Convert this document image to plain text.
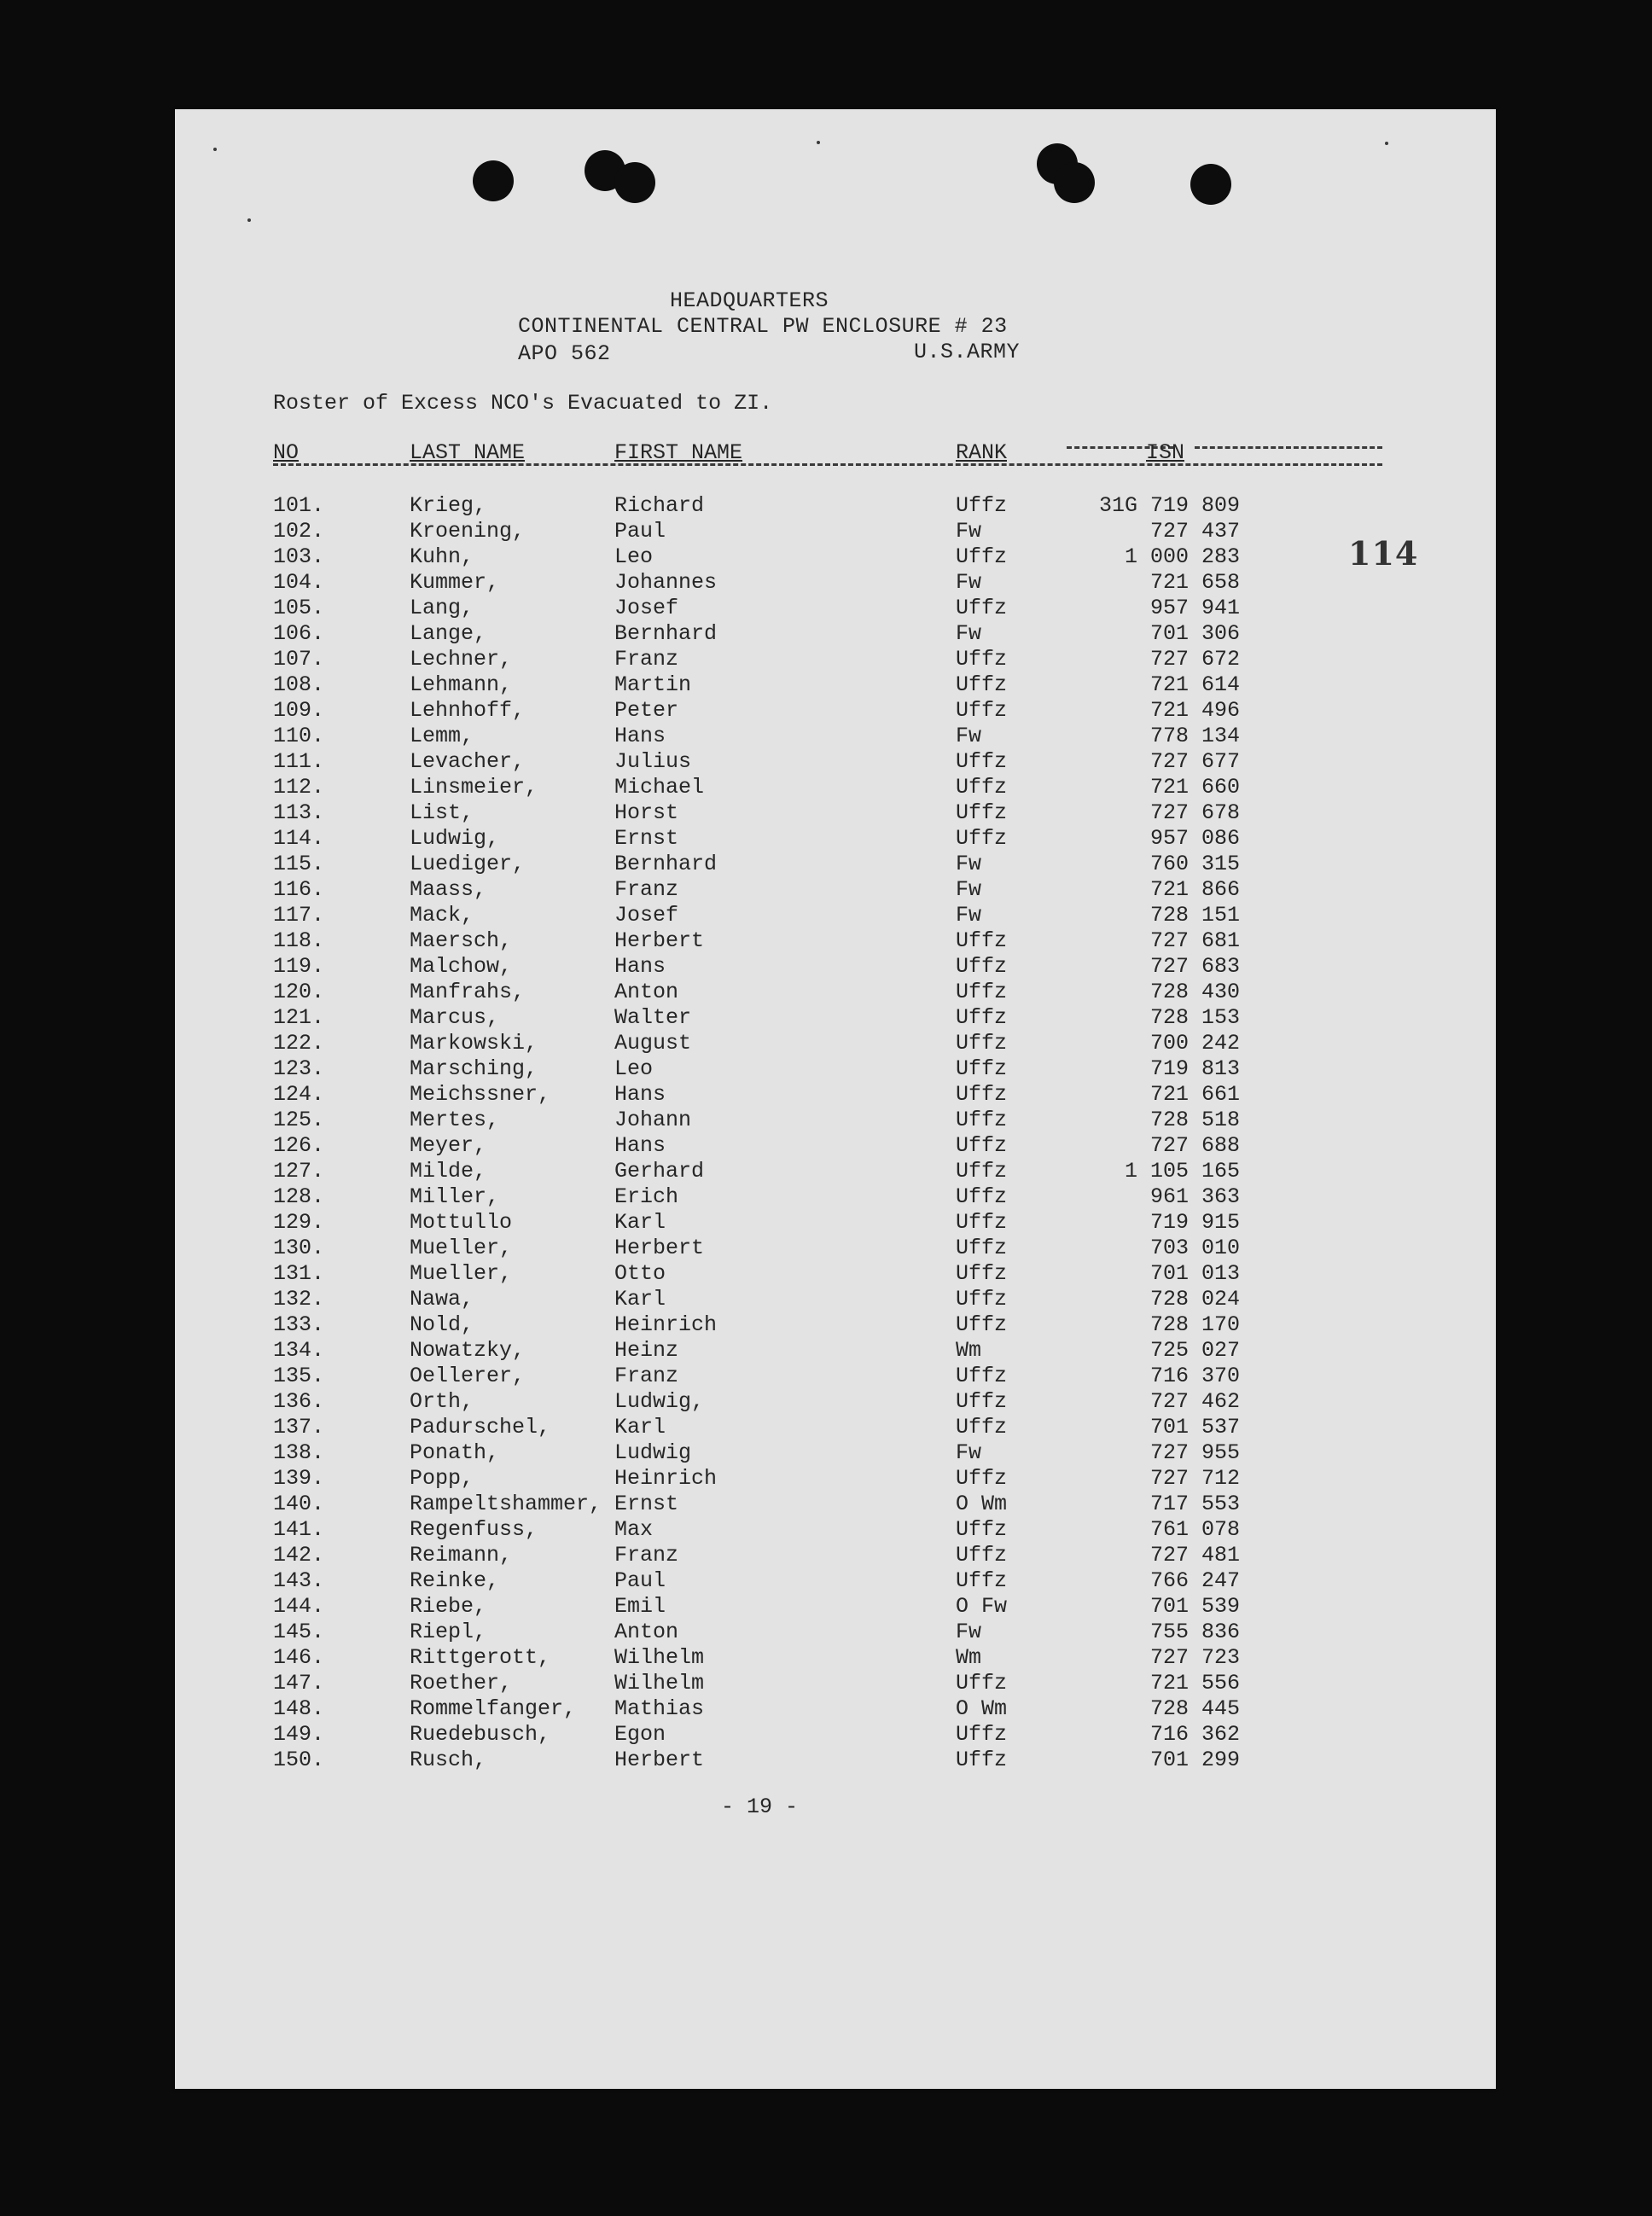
HEADQUARTERS
CONTINENTAL CENTRAL PW ENCLOSURE # 23
APO 562	U.S.ARMY
Roster of Excess NCO's Evacuated to ZI.
NO	LAST NAME	FIRST NAME	RANK	ISN
114
101.	Krieg,	Richard	Uffz	31G 719 809
102.	Kroening,	Paul	Fw	727 437
103.	Kuhn,	Leo	Uffz	1 000 283
104.	Kummer,	Johannes	Fw	721 658
105.	Lang,	Josef	Uffz	957 941
106.	Lange,	Bernhard	Fw	701 306
107.	Lechner,	Franz	Uffz	727 672
108.	Lehmann,	Martin	Uffz	721 614
109.	Lehnhoff,	Peter	Uffz	721 496
110.	Lemm,	Hans	Fw	778 134
111.	Levacher,	Julius	Uffz	727 677
112.	Linsmeier,	Michael	Uffz	721 660
113.	List,	Horst	Uffz	727 678
114.	Ludwig,	Ernst	Uffz	957 086
115.	Luediger,	Bernhard	Fw	760 315
116.	Maass,	Franz	Fw	721 866
117.	Mack,	Josef	Fw	728 151
118.	Maersch,	Herbert	Uffz	727 681
119.	Malchow,	Hans	Uffz	727 683
120.	Manfrahs,	Anton	Uffz	728 430
121.	Marcus,	Walter	Uffz	728 153
122.	Markowski,	August	Uffz	700 242
123.	Marsching,	Leo	Uffz	719 813
124.	Meichssner,	Hans	Uffz	721 661
125.	Mertes,	Johann	Uffz	728 518
126.	Meyer,	Hans	Uffz	727 688
127.	Milde,	Gerhard	Uffz	1 105 165
128.	Miller,	Erich	Uffz	961 363
129.	Mottullo	Karl	Uffz	719 915
130.	Mueller,	Herbert	Uffz	703 010
131.	Mueller,	Otto	Uffz	701 013
132.	Nawa,	Karl	Uffz	728 024
133.	Nold,	Heinrich	Uffz	728 170
134.	Nowatzky,	Heinz	Wm	725 027
135.	Oellerer,	Franz	Uffz	716 370
136.	Orth,	Ludwig,	Uffz	727 462
137.	Padurschel,	Karl	Uffz	701 537
138.	Ponath,	Ludwig	Fw	727 955
139.	Popp,	Heinrich	Uffz	727 712
140.	Rampeltshammer, Ernst	O Wm	717 553
141.	Regenfuss,	Max	Uffz	761 078
142.	Reimann,	Franz	Uffz	727 481
143.	Reinke,	Paul	Uffz	766 247
144.	Riebe,	Emil	O Fw	701 539
145.	Riepl,	Anton	Fw	755 836
146.	Rittgerott,	Wilhelm	Wm	727 723
147.	Roether,	Wilhelm	Uffz	721 556
148.	Rommelfanger, Mathias	O Wm	728 445
149.	Ruedebusch,	Egon	Uffz	716 362
150.	Rusch,	Herbert	Uffz	701 299
- 19 -
